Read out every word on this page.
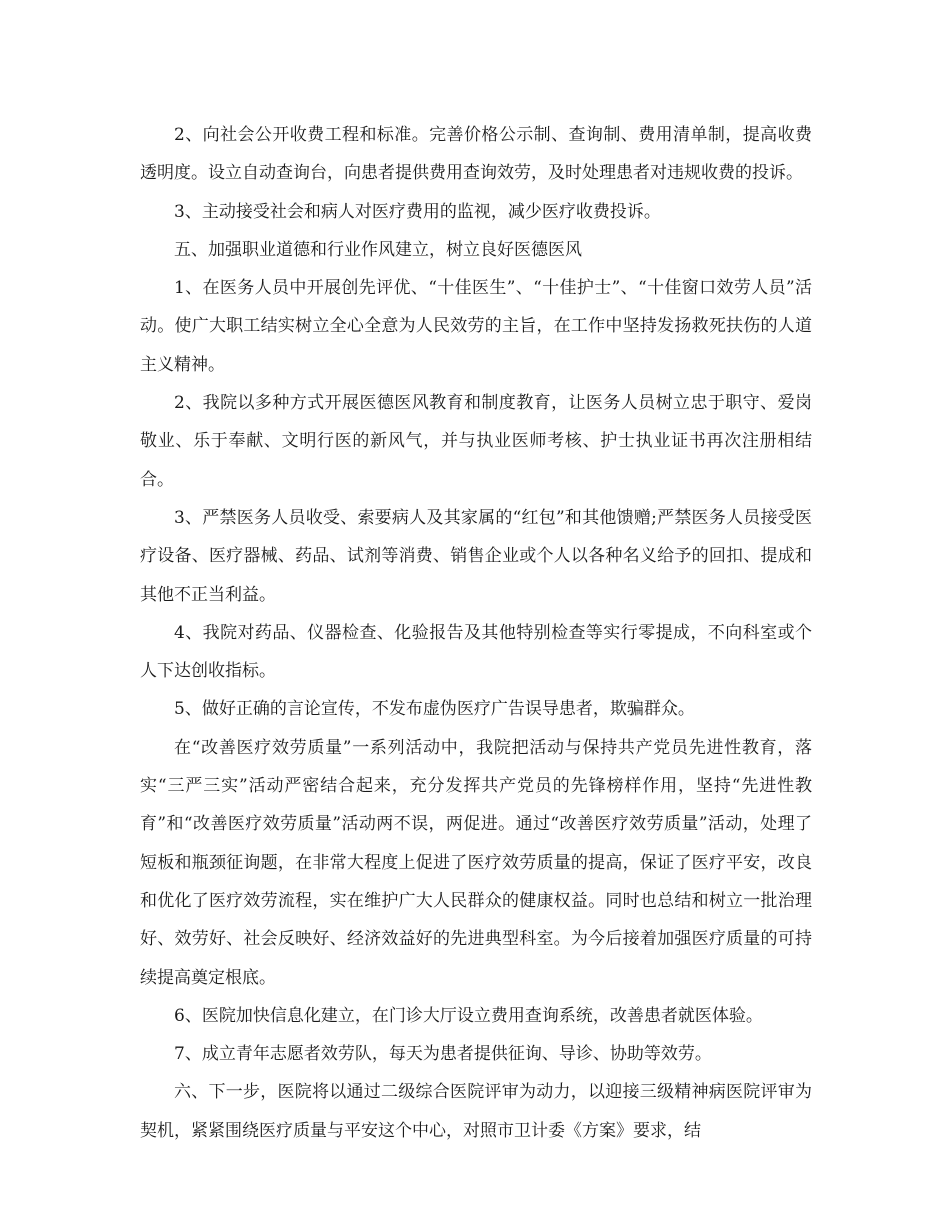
2、向社会公开收费工程和标准。完善价格公示制、查询制、费用清单制，提高收费透明度。设立自动查询台，向患者提供费用查询效劳，及时处理患者对违规收费的投诉。

3、主动接受社会和病人对医疗费用的监视，减少医疗收费投诉。

五、加强职业道德和行业作风建立，树立良好医德医风

1、在医务人员中开展创先评优、“十佳医生”、“十佳护士”、“十佳窗口效劳人员”活动。使广大职工结实树立全心全意为人民效劳的主旨，在工作中坚持发扬救死扶伤的人道主义精神。

2、我院以多种方式开展医德医风教育和制度教育，让医务人员树立忠于职守、爱岗敬业、乐于奉献、文明行医的新风气，并与执业医师考核、护士执业证书再次注册相结合。

3、严禁医务人员收受、索要病人及其家属的“红包”和其他馈赠;严禁医务人员接受医疗设备、医疗器械、药品、试剂等消费、销售企业或个人以各种名义给予的回扣、提成和其他不正当利益。

4、我院对药品、仪器检查、化验报告及其他特别检查等实行零提成，不向科室或个人下达创收指标。

5、做好正确的言论宣传，不发布虚伪医疗广告误导患者，欺骗群众。

在“改善医疗效劳质量”一系列活动中，我院把活动与保持共产党员先进性教育，落实“三严三实”活动严密结合起来，充分发挥共产党员的先锋榜样作用，坚持“先进性教育”和“改善医疗效劳质量”活动两不误，两促进。通过“改善医疗效劳质量”活动，处理了短板和瓶颈征询题，在非常大程度上促进了医疗效劳质量的提高，保证了医疗平安，改良和优化了医疗效劳流程，实在维护广大人民群众的健康权益。同时也总结和树立一批治理好、效劳好、社会反映好、经济效益好的先进典型科室。为今后接着加强医疗质量的可持续提高奠定根底。

6、医院加快信息化建立，在门诊大厅设立费用查询系统，改善患者就医体验。

7、成立青年志愿者效劳队，每天为患者提供征询、导诊、协助等效劳。

六、下一步，医院将以通过二级综合医院评审为动力，以迎接三级精神病医院评审为契机，紧紧围绕医疗质量与平安这个中心，对照市卫计委《方案》要求，结
